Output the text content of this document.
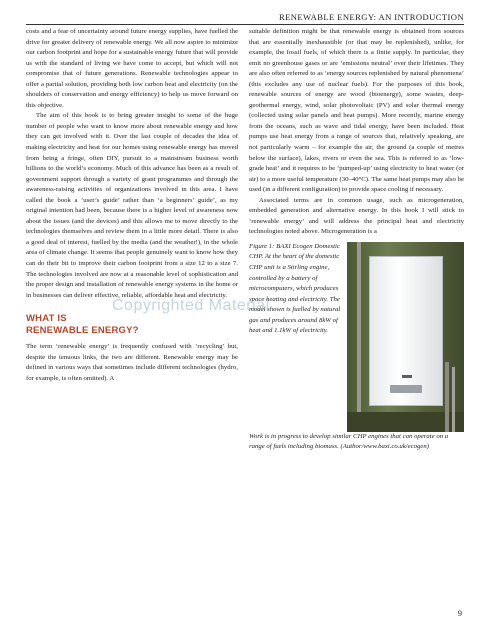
RENEWABLE ENERGY: AN INTRODUCTION

costs and a fear of uncertainty around future energy supplies, have fuelled the drive for greater delivery of renewable energy. We all now aspire to minimize our carbon footprint and hope for a sustainable energy future that will provide us with the standard of living we have come to accept, but which will not compromise that of future generations. Renewable technologies appear to offer a partial solution, providing both low carbon heat and electricity (on the shoulders of conservation and energy efficiency) to help us move forward on this objective.

The aim of this book is to bring greater insight to some of the huge number of people who want to know more about renewable energy and how they can get involved with it. Over the last couple of decades the idea of making electricity and heat for our homes using renewable energy has moved from being a fringe, often DIY, pursuit to a mainstream business worth billions to the world’s economy. Much of this advance has been as a result of government support through a variety of grant programmes and through the awareness-raising activities of organizations involved in this area. I have called the book a ‘user’s guide’ rather than ‘a beginners’ guide’, as my original intention had been, because there is a higher level of awareness now about the issues (and the devices) and this allows me to move directly to the technologies themselves and review them in a little more detail. There is also a good deal of interest, fuelled by the media (and the weather!), in the whole area of climate change. It seems that people genuinely want to know how they can do their bit to improve their carbon footprint from a size 12 to a size 7. The technologies involved are now at a reasonable level of sophistication and the proper design and installation of renewable energy systems in the home or in businesses can deliver effective, reliable, affordable heat and electricity.

WHAT IS
RENEWABLE ENERGY?

The term ‘renewable energy’ is frequently confused with ‘recycling’ but, despite the tenuous links, the two are different. Renewable energy may be defined in various ways that sometimes include different technologies (hydro, for example, is often omitted). A

suitable definition might be that renewable energy is obtained from sources that are essentially inexhaustible (or that may be replenished), unlike, for example, the fossil fuels, of which there is a finite supply. In particular, they emit no greenhouse gases or are ‘emissions neutral’ over their lifetimes. They are also often referred to as ‘energy sources replenished by natural phenomena’ (this excludes any use of nuclear fuels). For the purposes of this book, renewable sources of energy are wood (bioenergy), some wastes, deep-geothermal energy, wind, solar photovoltaic (PV) and solar thermal energy (collected using solar panels and heat pumps). More recently, marine energy from the oceans, such as wave and tidal energy, have been included. Heat pumps use heat energy from a range of sources that, relatively speaking, are not particularly warm – for example the air, the ground (a couple of metres below the surface), lakes, rivers or even the sea. This is referred to as ‘low-grade heat’ and it requires to be ‘pumped-up’ using electricity to heat water (or air) to a more useful temperature (30–40°C). The same heat pumps may also be used (in a different configuration) to provide space cooling if necessary.

Associated terms are in common usage, such as microgeneration, embedded generation and alternative energy. In this book I will stick to ‘renewable energy’ and will address the principal heat and electricity technologies noted above. Microgeneration is a

Figure 1: BAXI Ecogen Domestic CHP. At the heart of the domestic CHP unit is a Stirling engine, controlled by a battery of microcomputers, which produces space heating and electricity. The model shown is fuelled by natural gas and produces around 8kW of heat and 1.1kW of electricity.
Work is in progress to develop similar CHP engines that can operate on a range of fuels including biomass. (Author/www.baxi.co.uk/ecogen)
Copyrighted Material
9
